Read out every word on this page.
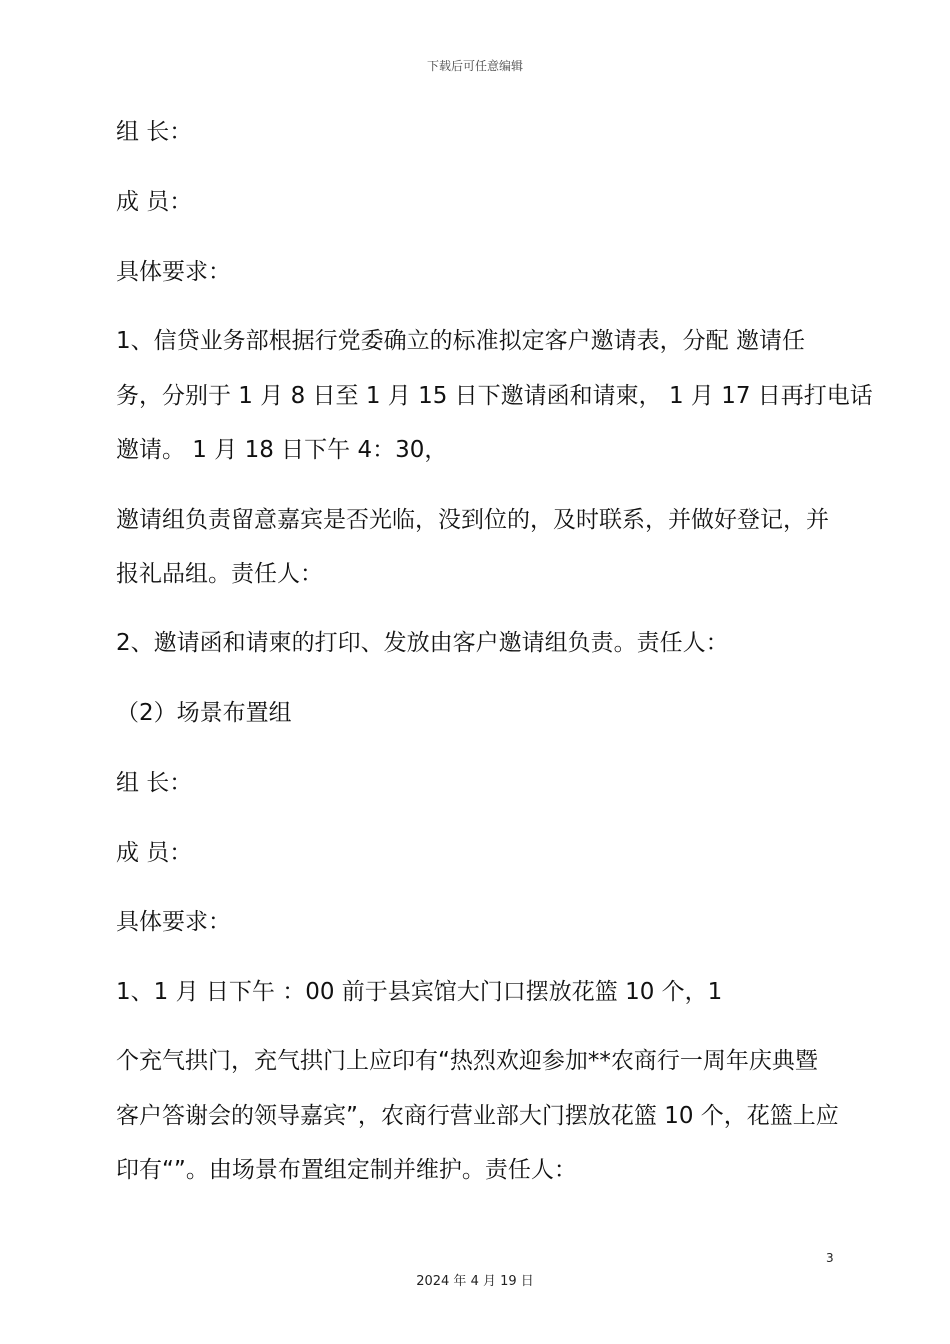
下载后可任意编辑
组 长：
成 员：
具体要求：
1、信贷业务部根据行党委确立的标准拟定客户邀请表，分配 邀请任
务，分别于 1 月 8 日至 1 月 15 日下邀请函和请柬， 1 月 17 日再打电话
邀请。 1 月 18 日下午 4：30，
邀请组负责留意嘉宾是否光临，没到位的，及时联系，并做好登记，并
报礼品组。责任人：
2、邀请函和请柬的打印、发放由客户邀请组负责。责任人：
（2）场景布置组
组 长：
成 员：
具体要求：
1、1 月 日下午 ：00 前于县宾馆大门口摆放花篮 10 个，1
个充气拱门，充气拱门上应印有“热烈欢迎参加**农商行一周年庆典暨
客户答谢会的领导嘉宾”，农商行营业部大门摆放花篮 10 个，花篮上应
印有“”。由场景布置组定制并维护。责任人：
3
2024 年 4 月 19 日
